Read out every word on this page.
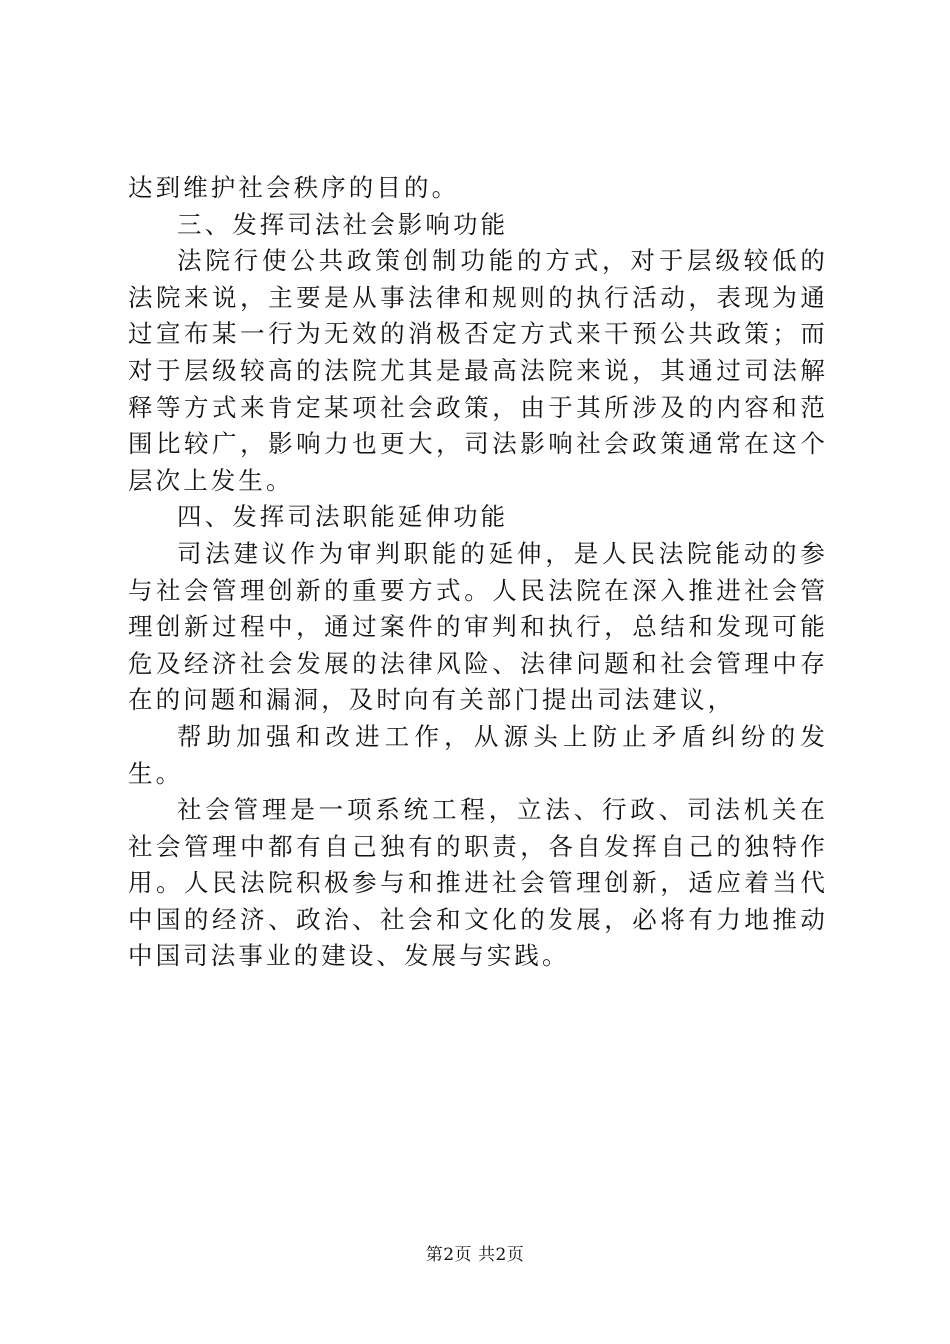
达到维护社会秩序的目的。

三、发挥司法社会影响功能

法院行使公共政策创制功能的方式，对于层级较低的法院来说，主要是从事法律和规则的执行活动，表现为通过宣布某一行为无效的消极否定方式来干预公共政策；而对于层级较高的法院尤其是最高法院来说，其通过司法解释等方式来肯定某项社会政策，由于其所涉及的内容和范围比较广，影响力也更大，司法影响社会政策通常在这个层次上发生。

四、发挥司法职能延伸功能

司法建议作为审判职能的延伸，是人民法院能动的参与社会管理创新的重要方式。人民法院在深入推进社会管理创新过程中，通过案件的审判和执行，总结和发现可能危及经济社会发展的法律风险、法律问题和社会管理中存在的问题和漏洞，及时向有关部门提出司法建议，

帮助加强和改进工作，从源头上防止矛盾纠纷的发生。

社会管理是一项系统工程，立法、行政、司法机关在社会管理中都有自己独有的职责，各自发挥自己的独特作用。人民法院积极参与和推进社会管理创新，适应着当代中国的经济、政治、社会和文化的发展，必将有力地推动中国司法事业的建设、发展与实践。

第2页 共2页
